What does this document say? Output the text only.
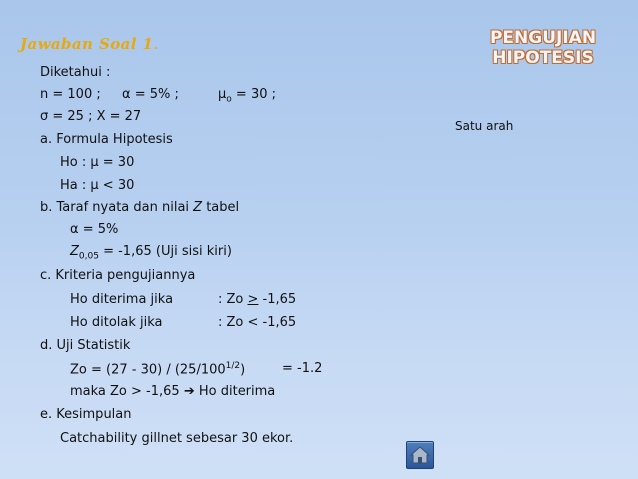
Jawaban Soal 1.	PENGUJIAN
HIPOTESIS
Satu arah
Diketahui :
n = 100 ; α = 5% ;	$\mu_o = 30$ ;
σ = 25 ; X = 27
a. Formula Hipotesis
Ho : μ = 30
Ha : μ < 30
b. Taraf nyata dan nilai Z tabel
α = 5%
$Z_{0,05} = -1,65$ (Uji sisi kiri)
c. Kriteria pengujiannya
Ho diterima jika	: Zo > -1,65
Ho ditolak jika	: Zo < -1,65
d. Uji Statistik
$Zo = (27 - 30) / (25/100^{1/2})$	= -1.2
maka Zo > -1,65 ➔ Ho diterima
e. Kesimpulan
Catchability gillnet sebesar 30 ekor.
